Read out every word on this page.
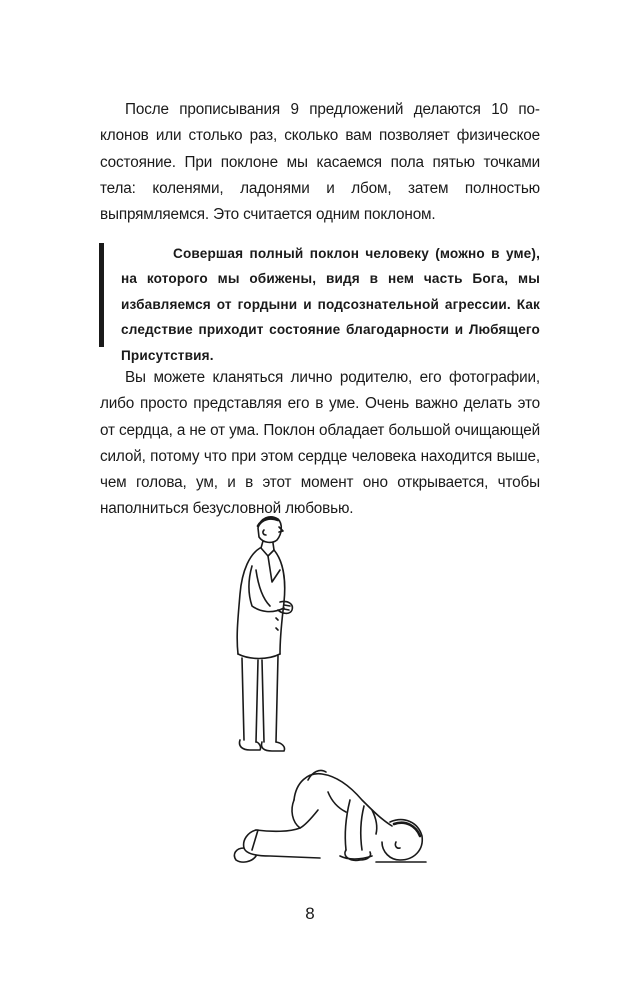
После прописывания 9 предложений делаются 10 поклонов или столько раз, сколько вам позволяет физическое состояние. При поклоне мы касаемся пола пятью точками тела: коленями, ладонями и лбом, затем полностью выпрямляемся. Это считается одним поклоном.

Совершая полный поклон человеку (можно в уме), на которого мы обижены, видя в нем часть Бога, мы избавляемся от гордыни и подсознательной агрессии. Как следствие приходит состояние благодарности и Любящего Присутствия.

Вы можете кланяться лично родителю, его фотографии, либо просто представляя его в уме. Очень важно делать это от сердца, а не от ума. Поклон обладает большой очищающей силой, потому что при этом сердце человека находится выше, чем голова, ум, и в этот момент оно открывается, чтобы наполниться безусловной любовью.

8
